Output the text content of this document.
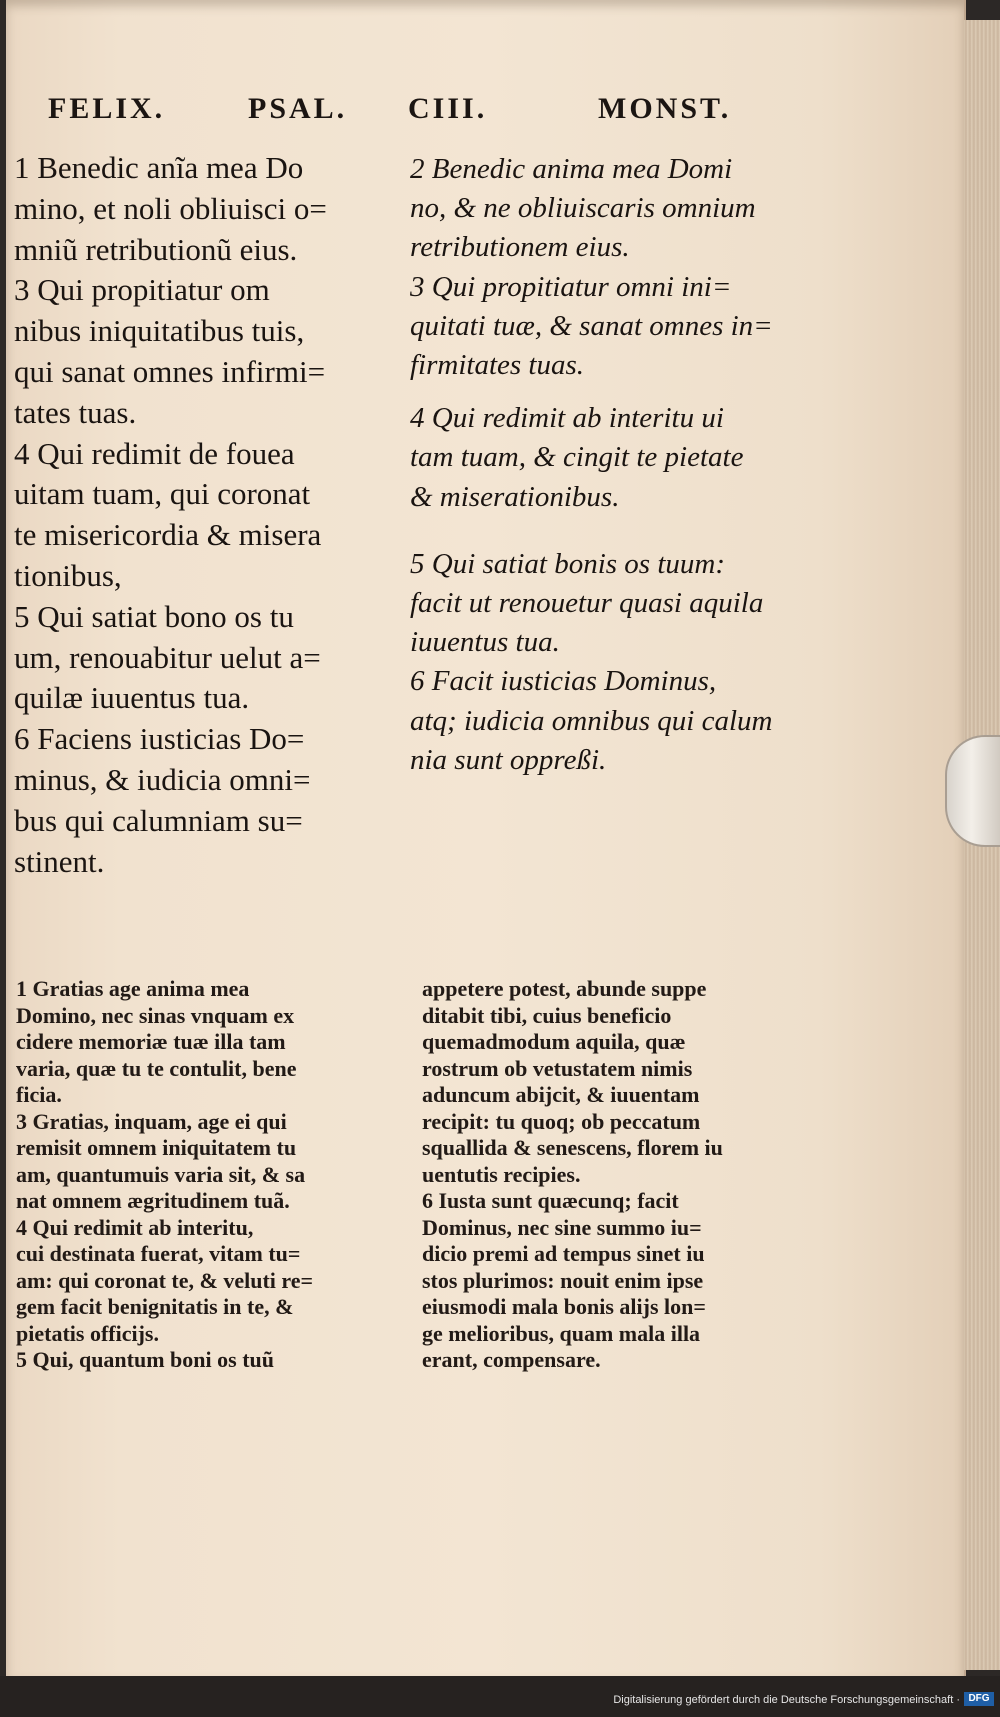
FELIX.	PSAL. CIII.	MONST.
1 Benedic anĩa mea Do
mino, et noli obliuisci o=
mniũ retributionũ eius.
3 Qui propitiatur om
nibus iniquitatibus tuis,
qui sanat omnes infirmi=
tates tuas.
4 Qui redimit de fouea
uitam tuam, qui coronat
te misericordia & misera
tionibus,
5 Qui satiat bono os tu
um, renouabitur uelut a=
quilæ iuuentus tua.
6 Faciens iusticias Do=
minus, & iudicia omni=
bus qui calumniam su=
stinent.
2 Benedic anima mea Domi
no, & ne obliuiscaris omnium
retributionem eius.
3 Qui propitiatur omni ini=
quitati tuæ, & sanat omnes in=
firmitates tuas.
4 Qui redimit ab interitu ui
tam tuam, & cingit te pietate
& miserationibus.
5 Qui satiat bonis os tuum:
facit ut renouetur quasi aquila
iuuentus tua.
6 Facit iusticias Dominus,
atq; iudicia omnibus qui calum
nia sunt oppreßi.
1 Gratias age anima mea
Domino, nec sinas vnquam ex
cidere memoriæ tuæ illa tam
varia, quæ tu te contulit, bene
ficia.
3 Gratias, inquam, age ei qui
remisit omnem iniquitatem tu
am, quantumuis varia sit, & sa
nat omnem ægritudinem tuã.
4 Qui redimit ab interitu,
cui destinata fuerat, vitam tu=
am: qui coronat te, & veluti re=
gem facit benignitatis in te, &
pietatis officijs.
5 Qui, quantum boni os tuũ
appetere potest, abunde suppe
ditabit tibi, cuius beneficio
quemadmodum aquila, quæ
rostrum ob vetustatem nimis
aduncum abijcit, & iuuentam
recipit: tu quoq; ob peccatum
squallida & senescens, florem iu
uentutis recipies.
6 Iusta sunt quæcunq; facit
Dominus, nec sine summo iu=
dicio premi ad tempus sinet iu
stos plurimos: nouit enim ipse
eiusmodi mala bonis alijs lon=
ge melioribus, quam mala illa
erant, compensare.
Digitalisierung gefördert durch die Deutsche Forschungsgemeinschaft · DFG
